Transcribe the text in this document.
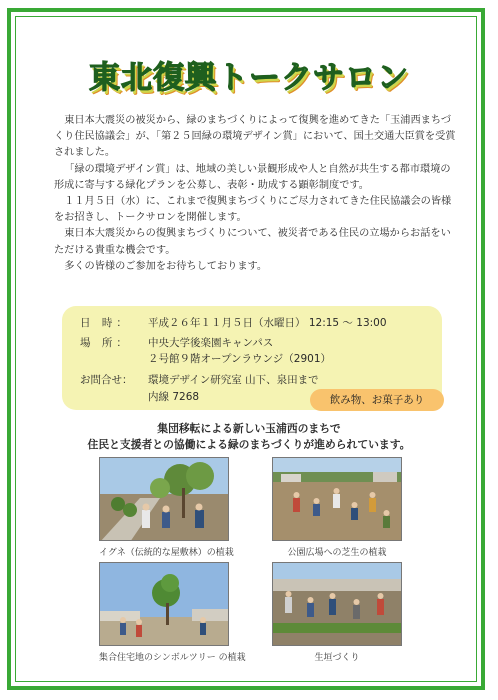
東北復興トークサロン

東日本大震災の被災から、緑のまちづくりによって復興を進めてきた「玉浦西まちづくり住民協議会」が、「第２５回緑の環境デザイン賞」において、国土交通大臣賞を受賞されました。

「緑の環境デザイン賞」は、地域の美しい景観形成や人と自然が共生する都市環境の形成に寄与する緑化プランを公募し、表彰・助成する顕彰制度です。

１１月５日（水）に、これまで復興まちづくりにご尽力されてきた住民協議会の皆様をお招きし、トークサロンを開催します。

東日本大震災からの復興まちづくりについて、被災者である住民の立場からお話をいただける貴重な機会です。

多くの皆様のご参加をお待ちしております。

日 時： 平成２６年１１月５日（水曜日） 12:15 ～ 13:00
場 所： 中央大学後楽園キャンパス
２号館９階オープンラウンジ（2901）
お問合せ： 環境デザイン研究室 山下、泉田まで
内線 7268	飲み物、お菓子あり
集団移転による新しい玉浦西のまちで
住民と支援者との協働による緑のまちづくりが進められています。
イグネ（伝統的な屋敷林）の植栽	公園広場への芝生の植栽
集合住宅地のシンボルツリー の植栽	生垣づくり
